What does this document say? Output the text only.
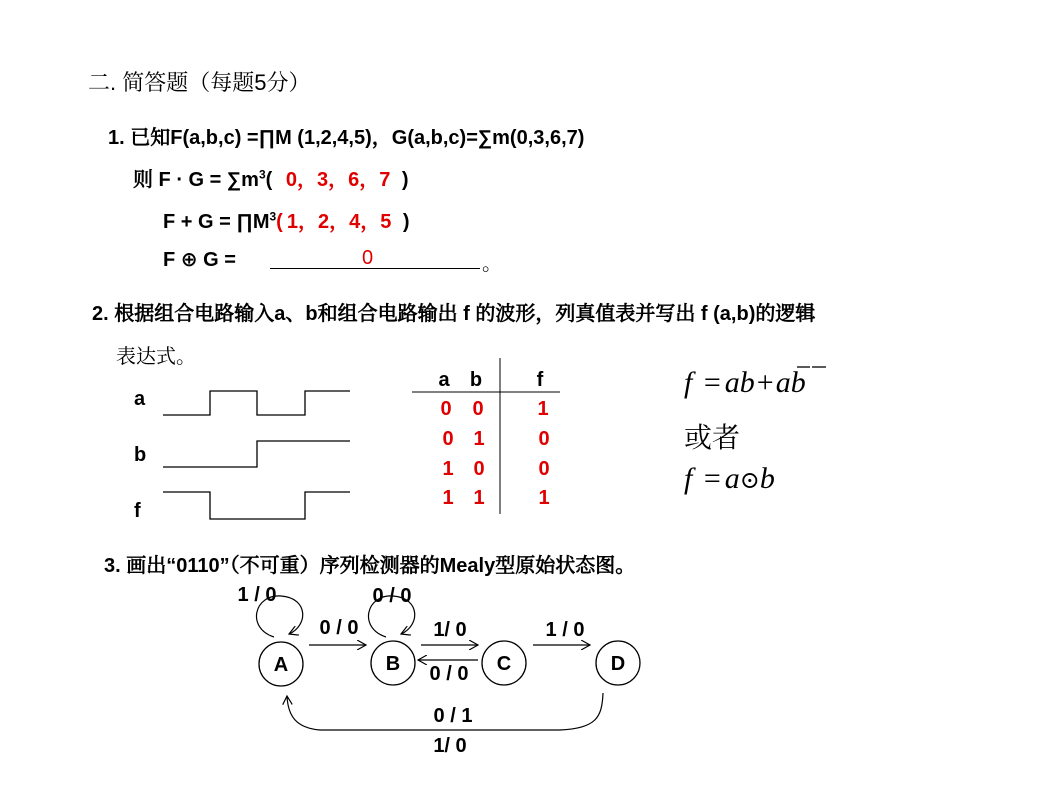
二. 简答题（每题5分）
1. 已知F(a,b,c) =∏M (1,2,4,5)，G(a,b,c)=∑m(0,3,6,7)
则 $F \cdot G = \sum m^3$( 0，3，6，7 )
$F + G = \prod M^3$( 1，2，4，5 )
F ⊕ G =	0	。
2. 根据组合电路输入a、b和组合电路输出 f 的波形，列真值表并写出 f (a,b)的逻辑
表达式。
a
b
f
a b	f
0 0	1
0 1	0
1 0	0
1 1	1
A	B	C	D
1 / 0	0 / 0
0 / 0	1/ 0
0 / 0
1 / 0
0 / 1
1/ 0
f = ab+ab
或者
f = a⊙b
3. 画出“0110”（不可重）序列检测器的Mealy型原始状态图。
